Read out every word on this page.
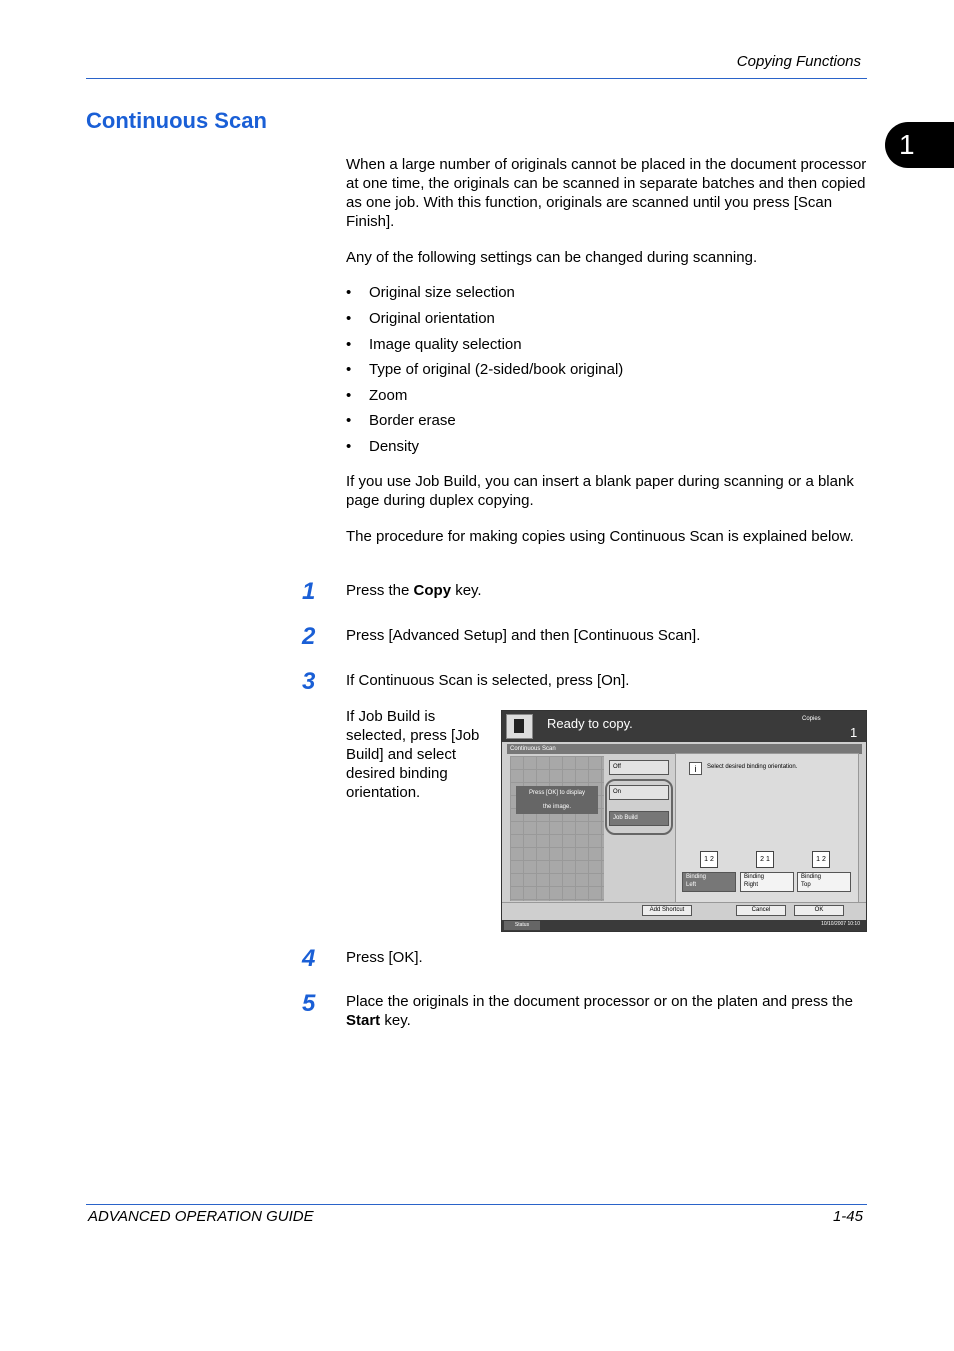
Copying Functions
1
Continuous Scan
When a large number of originals cannot be placed in the document processor at one time, the originals can be scanned in separate batches and then copied as one job. With this function, originals are scanned until you press [Scan Finish].
Any of the following settings can be changed during scanning.
• Original size selection
• Original orientation
• Image quality selection
• Type of original (2-sided/book original)
• Zoom
• Border erase
• Density
If you use Job Build, you can insert a blank paper during scanning or a blank page during duplex copying.
The procedure for making copies using Continuous Scan is explained below.
1 Press the Copy key.
2 Press [Advanced Setup] and then [Continuous Scan].
3 If Continuous Scan is selected, press [On].
If Job Build is selected, press [Job Build] and select desired binding orientation.
Ready to copy.	Copies
1
Continuous Scan
Press [OK] to display
the image.
Off
On
Job Build
i	Select desired binding orientation.
1 2	2 1	1 2
Binding
Left
Binding
Right
Binding
Top
Add Shortcut	Cancel	OK
Status	10/10/2007 10:10
4 Press [OK].
5 Place the originals in the document processor or on the platen and press the Start key.
ADVANCED OPERATION GUIDE	1-45
